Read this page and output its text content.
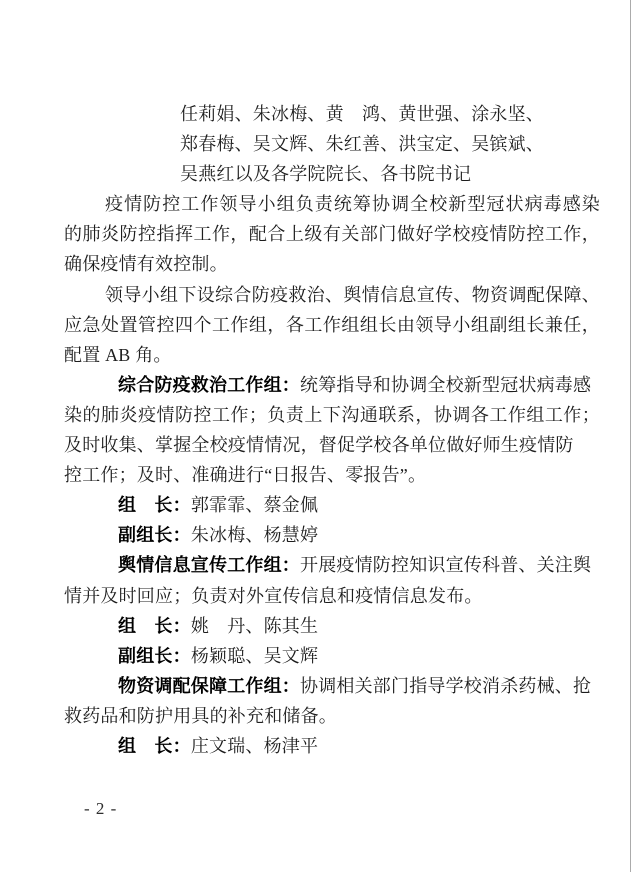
任莉娟、朱冰梅、黄　鸿、黄世强、涂永坚、
郑春梅、吴文辉、朱红善、洪宝定、吴镔斌、
吴燕红以及各学院院长、各书院书记
疫情防控工作领导小组负责统筹协调全校新型冠状病毒感染
的肺炎防控指挥工作，配合上级有关部门做好学校疫情防控工作，
确保疫情有效控制。
领导小组下设综合防疫救治、舆情信息宣传、物资调配保障、
应急处置管控四个工作组，各工作组组长由领导小组副组长兼任，
配置 AB 角。
综合防疫救治工作组：统筹指导和协调全校新型冠状病毒感
染的肺炎疫情防控工作；负责上下沟通联系，协调各工作组工作；
及时收集、掌握全校疫情情况，督促学校各单位做好师生疫情防
控工作；及时、准确进行“日报告、零报告”。
组　长：郭霏霏、蔡金佩
副组长：朱冰梅、杨慧婷
舆情信息宣传工作组：开展疫情防控知识宣传科普、关注舆
情并及时回应；负责对外宣传信息和疫情信息发布。
组　长：姚　丹、陈其生
副组长：杨颖聪、吴文辉
物资调配保障工作组：协调相关部门指导学校消杀药械、抢
救药品和防护用具的补充和储备。
组　长：庄文瑞、杨津平
- 2 -
